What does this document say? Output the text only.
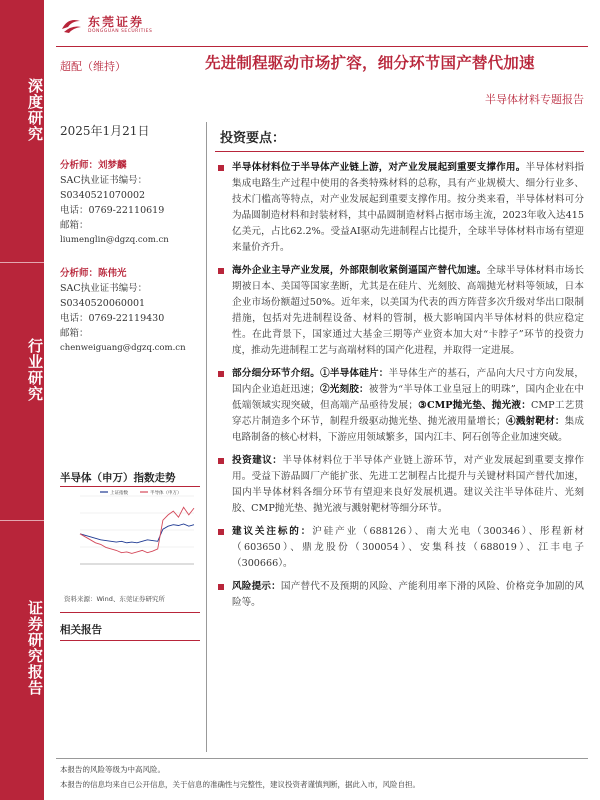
深度研究
行业研究
证券研究报告
东莞证券
DONGGUAN SECURITIES
超配（维持）	先进制程驱动市场扩容，细分环节国产替代加速
半导体材料专题报告
2025年1月21日
分析师：刘梦麟
SAC执业证书编号：
S0340521070002
电话：0769-22110619
邮箱：
liumenglin@dgzq.com.cn
分析师：陈伟光
SAC执业证书编号：
S0340520060001
电话：0769-22119430
邮箱：
chenweiguang@dgzq.com.cn
半导体（申万）指数走势
上证指数	半导体（申万）
资料来源：Wind、东莞证券研究所
相关报告
投资要点：
半导体材料位于半导体产业链上游，对产业发展起到重要支撑作用。半导体材料指集成电路生产过程中使用的各类特殊材料的总称，具有产业规模大、细分行业多、技术门槛高等特点，对产业发展起到重要支撑作用。按分类来看，半导体材料可分为晶圆制造材料和封装材料，其中晶圆制造材料占据市场主流，2023年收入达415亿美元，占比62.2%。受益AI驱动先进制程占比提升，全球半导体材料市场有望迎来量价齐升。
海外企业主导产业发展，外部限制收紧倒逼国产替代加速。全球半导体材料市场长期被日本、美国等国家垄断，尤其是在硅片、光刻胶、高端抛光材料等领域，日本企业市场份额超过50%。近年来，以美国为代表的西方阵营多次升级对华出口限制措施，包括对先进制程设备、材料的管制，极大影响国内半导体材料的供应稳定性。在此背景下，国家通过大基金三期等产业资本加大对“卡脖子”环节的投资力度，推动先进制程工艺与高端材料的国产化进程，并取得一定进展。
部分细分环节介绍。①半导体硅片：半导体生产的基石，产品向大尺寸方向发展，国内企业追赶迅速；②光刻胶：被誉为“半导体工业皇冠上的明珠”，国内企业在中低端领域实现突破，但高端产品亟待发展；③CMP抛光垫、抛光液：CMP工艺贯穿芯片制造多个环节，制程升级驱动抛光垫、抛光液用量增长；④溅射靶材：集成电路制备的核心材料，下游应用领域繁多，国内江丰、阿石创等企业加速突破。
投资建议：半导体材料位于半导体产业链上游环节，对产业发展起到重要支撑作用。受益下游晶圆厂产能扩张、先进工艺制程占比提升与关键材料国产替代加速，国内半导体材料各细分环节有望迎来良好发展机遇。建议关注半导体硅片、光刻胶、CMP抛光垫、抛光液与溅射靶材等细分环节。
建议关注标的：沪硅产业（688126）、南大光电（300346）、彤程新材（603650）、鼎龙股份（300054）、安集科技（688019）、江丰电子（300666）。
风险提示：国产替代不及预期的风险、产能利用率下滑的风险、价格竞争加剧的风险等。
本报告的风险等级为中高风险。
本报告的信息均来自已公开信息，关于信息的准确性与完整性，建议投资者谨慎判断，据此入市，风险自担。
